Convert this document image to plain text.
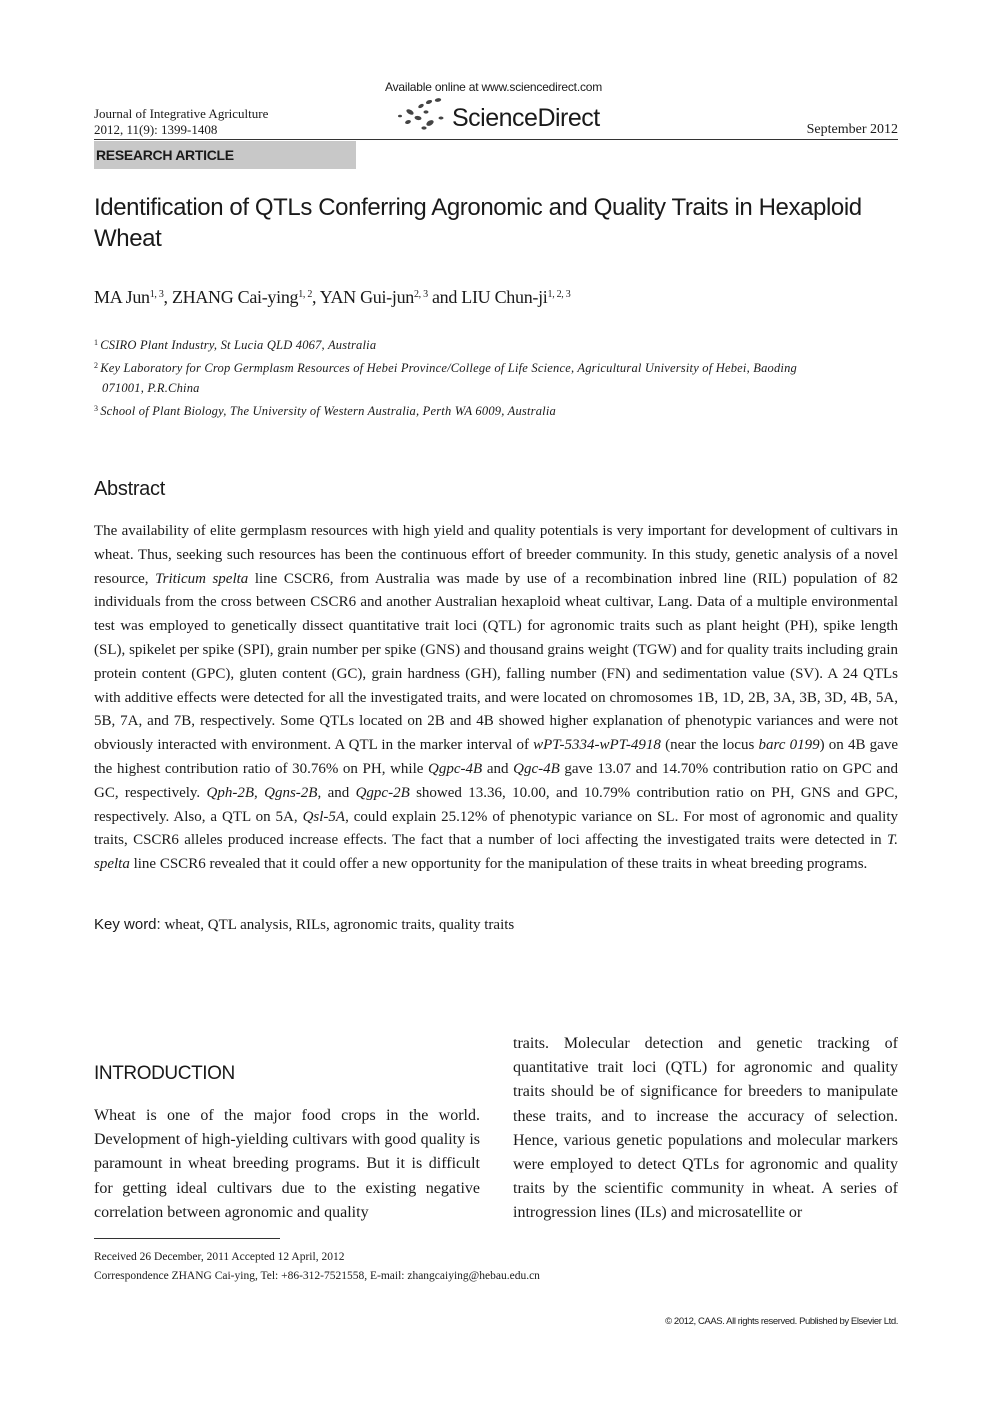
Journal of Integrative Agriculture
2012, 11(9): 1399-1408
Available online at www.sciencedirect.com
ScienceDirect	September 2012
RESEARCH ARTICLE
Identification of QTLs Conferring Agronomic and Quality Traits in Hexaploid Wheat
MA Jun$^{1, 3}$, ZHANG Cai-ying$^{1, 2}$, YAN Gui-jun$^{2, 3}$ and LIU Chun-ji$^{1, 2, 3}$
$^1$ CSIRO Plant Industry, St Lucia QLD 4067, Australia
$^2$ Key Laboratory for Crop Germplasm Resources of Hebei Province/College of Life Science, Agricultural University of Hebei, Baoding
071001, P.R.China
$^3$ School of Plant Biology, The University of Western Australia, Perth WA 6009, Australia
Abstract
The availability of elite germplasm resources with high yield and quality potentials is very important for development of cultivars in wheat. Thus, seeking such resources has been the continuous effort of breeder community. In this study, genetic analysis of a novel resource, Triticum spelta line CSCR6, from Australia was made by use of a recombination inbred line (RIL) population of 82 individuals from the cross between CSCR6 and another Australian hexaploid wheat cultivar, Lang. Data of a multiple environmental test was employed to genetically dissect quantitative trait loci (QTL) for agronomic traits such as plant height (PH), spike length (SL), spikelet per spike (SPI), grain number per spike (GNS) and thousand grains weight (TGW) and for quality traits including grain protein content (GPC), gluten content (GC), grain hardness (GH), falling number (FN) and sedimentation value (SV). A 24 QTLs with additive effects were detected for all the investigated traits, and were located on chromosomes 1B, 1D, 2B, 3A, 3B, 3D, 4B, 5A, 5B, 7A, and 7B, respectively. Some QTLs located on 2B and 4B showed higher explanation of phenotypic variances and were not obviously interacted with environment. A QTL in the marker interval of wPT-5334-wPT-4918 (near the locus barc 0199) on 4B gave the highest contribution ratio of 30.76% on PH, while Qgpc-4B and Qgc-4B gave 13.07 and 14.70% contribution ratio on GPC and GC, respectively. Qph-2B, Qgns-2B, and Qgpc-2B showed 13.36, 10.00, and 10.79% contribution ratio on PH, GNS and GPC, respectively. Also, a QTL on 5A, Qsl-5A, could explain 25.12% of phenotypic variance on SL. For most of agronomic and quality traits, CSCR6 alleles produced increase effects. The fact that a number of loci affecting the investigated traits were detected in T. spelta line CSCR6 revealed that it could offer a new opportunity for the manipulation of these traits in wheat breeding programs.
Key word: wheat, QTL analysis, RILs, agronomic traits, quality traits
INTRODUCTION
Wheat is one of the major food crops in the world. Development of high-yielding cultivars with good quality is paramount in wheat breeding programs. But it is difficult for getting ideal cultivars due to the existing negative correlation between agronomic and quality
traits. Molecular detection and genetic tracking of quantitative trait loci (QTL) for agronomic and quality traits should be of significance for breeders to manipulate these traits, and to increase the accuracy of selection. Hence, various genetic populations and molecular markers were employed to detect QTLs for agronomic and quality traits by the scientific community in wheat. A series of introgression lines (ILs) and microsatellite or
Received 26 December, 2011 Accepted 12 April, 2012
Correspondence ZHANG Cai-ying, Tel: +86-312-7521558, E-mail: zhangcaiying@hebau.edu.cn
© 2012, CAAS. All rights reserved. Published by Elsevier Ltd.
